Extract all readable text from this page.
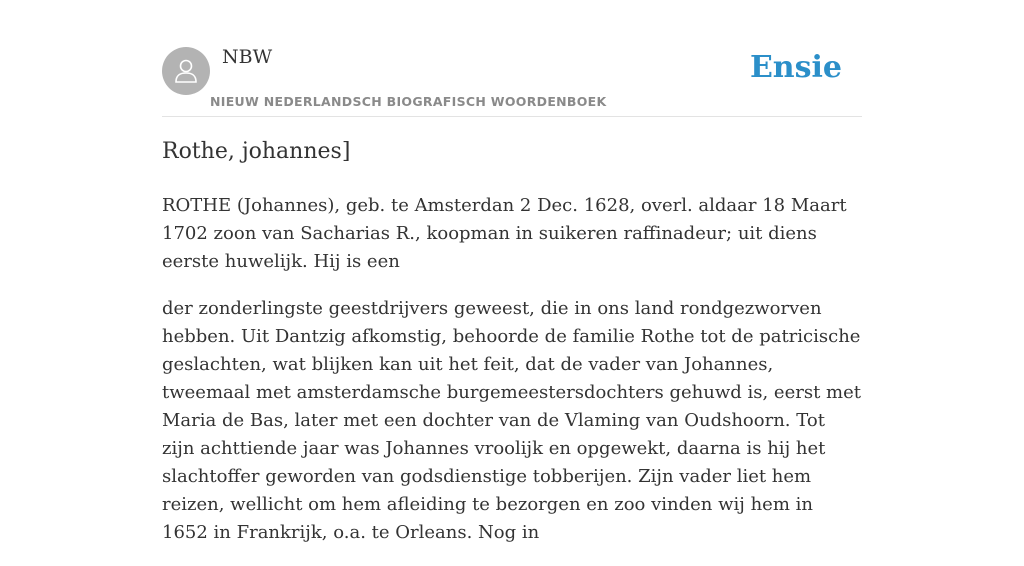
NBW
NIEUW NEDERLANDSCH BIOGRAFISCH WOORDENBOEK
Ensie
Rothe, johannes]

ROTHE (Johannes), geb. te Amsterdan 2 Dec. 1628, overl. aldaar 18 Maart 1702 zoon van Sacharias R., koopman in suikeren raffinadeur; uit diens eerste huwelijk. Hij is een

der zonderlingste geestdrijvers geweest, die in ons land rondgezworven hebben. Uit Dantzig afkomstig, behoorde de familie Rothe tot de patricische geslachten, wat blijken kan uit het feit, dat de vader van Johannes, tweemaal met amsterdamsche burgemeestersdochters gehuwd is, eerst met Maria de Bas, later met een dochter van de Vlaming van Oudshoorn. Tot zijn achttiende jaar was Johannes vroolijk en opgewekt, daarna is hij het slachtoffer geworden van godsdienstige tobberijen. Zijn vader liet hem reizen, wellicht om hem afleiding te bezorgen en zoo vinden wij hem in 1652 in Frankrijk, o.a. te Orleans. Nog in
